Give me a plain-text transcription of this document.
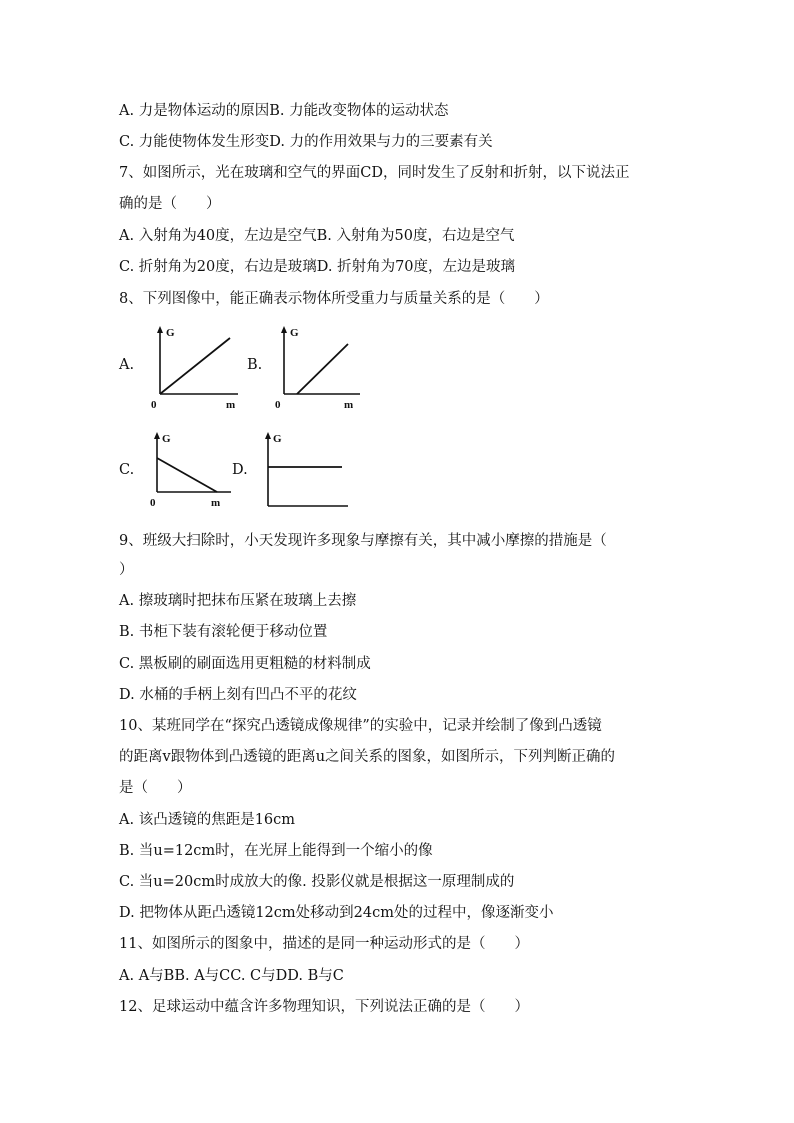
A. 力是物体运动的原因B. 力能改变物体的运动状态
C. 力能使物体发生形变D. 力的作用效果与力的三要素有关
7、如图所示，光在玻璃和空气的界面CD，同时发生了反射和折射，以下说法正
确的是（　　）
A. 入射角为40度，左边是空气B. 入射角为50度，右边是空气
C. 折射角为20度，右边是玻璃D. 折射角为70度，左边是玻璃
8、下列图像中，能正确表示物体所受重力与质量关系的是（　　）
A.
G
0	m
B.
G
0	m
C.
G
0	m
D.
G
9、班级大扫除时，小天发现许多现象与摩擦有关，其中减小摩擦的措施是（
）
A. 擦玻璃时把抹布压紧在玻璃上去擦
B. 书柜下装有滚轮便于移动位置
C. 黑板刷的刷面选用更粗糙的材料制成
D. 水桶的手柄上刻有凹凸不平的花纹
10、某班同学在“探究凸透镜成像规律”的实验中，记录并绘制了像到凸透镜
的距离v跟物体到凸透镜的距离u之间关系的图象，如图所示，下列判断正确的
是（　　）
A. 该凸透镜的焦距是16cm
B. 当u=12cm时，在光屏上能得到一个缩小的像
C. 当u=20cm时成放大的像. 投影仪就是根据这一原理制成的
D. 把物体从距凸透镜12cm处移动到24cm处的过程中，像逐渐变小
11、如图所示的图象中，描述的是同一种运动形式的是（　　）
A. A与BB. A与CC. C与DD. B与C
12、足球运动中蕴含许多物理知识，下列说法正确的是（　　）
